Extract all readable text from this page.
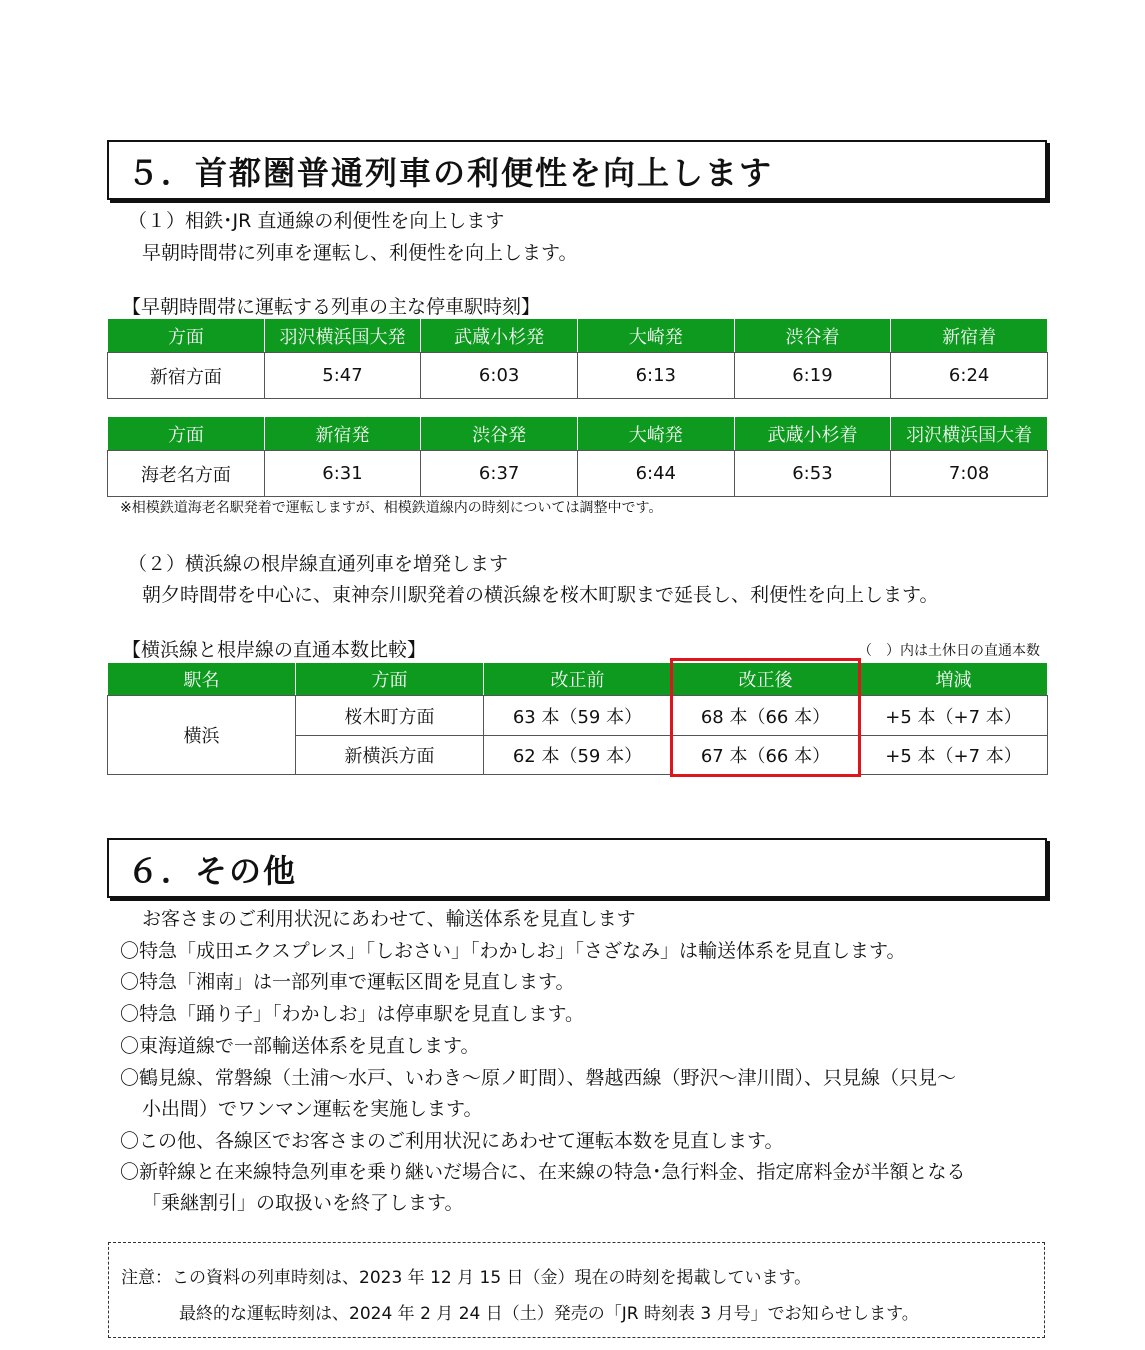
５．首都圏普通列車の利便性を向上します
（１）相鉄･JR 直通線の利便性を向上します
早朝時間帯に列車を運転し、利便性を向上します。
【早朝時間帯に運転する列車の主な停車駅時刻】
方面	羽沢横浜国大発	武蔵小杉発	大崎発	渋谷着	新宿着
新宿方面	5:47	6:03	6:13	6:19	6:24
方面	新宿発	渋谷発	大崎発	武蔵小杉着	羽沢横浜国大着
海老名方面	6:31	6:37	6:44	6:53	7:08
※相模鉄道海老名駅発着で運転しますが、相模鉄道線内の時刻については調整中です。
（２）横浜線の根岸線直通列車を増発します
朝夕時間帯を中心に、東神奈川駅発着の横浜線を桜木町駅まで延長し、利便性を向上します。
【横浜線と根岸線の直通本数比較】	（　）内は土休日の直通本数
駅名	方面	改正前	改正後	増減
横浜	桜木町方面	63 本（59 本）	68 本（66 本）	+5 本（+7 本）
	新横浜方面	62 本（59 本）	67 本（66 本）	+5 本（+7 本）
６．その他
お客さまのご利用状況にあわせて、輸送体系を見直します
〇特急「成田エクスプレス」「しおさい」「わかしお」「さざなみ」は輸送体系を見直します。
〇特急「湘南」は一部列車で運転区間を見直します。
〇特急「踊り子」「わかしお」は停車駅を見直します。
〇東海道線で一部輸送体系を見直します。
〇鶴見線、常磐線（土浦～水戸、いわき～原ノ町間）、磐越西線（野沢～津川間）、只見線（只見～
小出間）でワンマン運転を実施します。
〇この他、各線区でお客さまのご利用状況にあわせて運転本数を見直します。
〇新幹線と在来線特急列車を乗り継いだ場合に、在来線の特急･急行料金、指定席料金が半額となる
「乗継割引」の取扱いを終了します。
注意：この資料の列車時刻は、2023 年 12 月 15 日（金）現在の時刻を掲載しています。
最終的な運転時刻は、2024 年 2 月 24 日（土）発売の「JR 時刻表 3 月号」でお知らせします。
